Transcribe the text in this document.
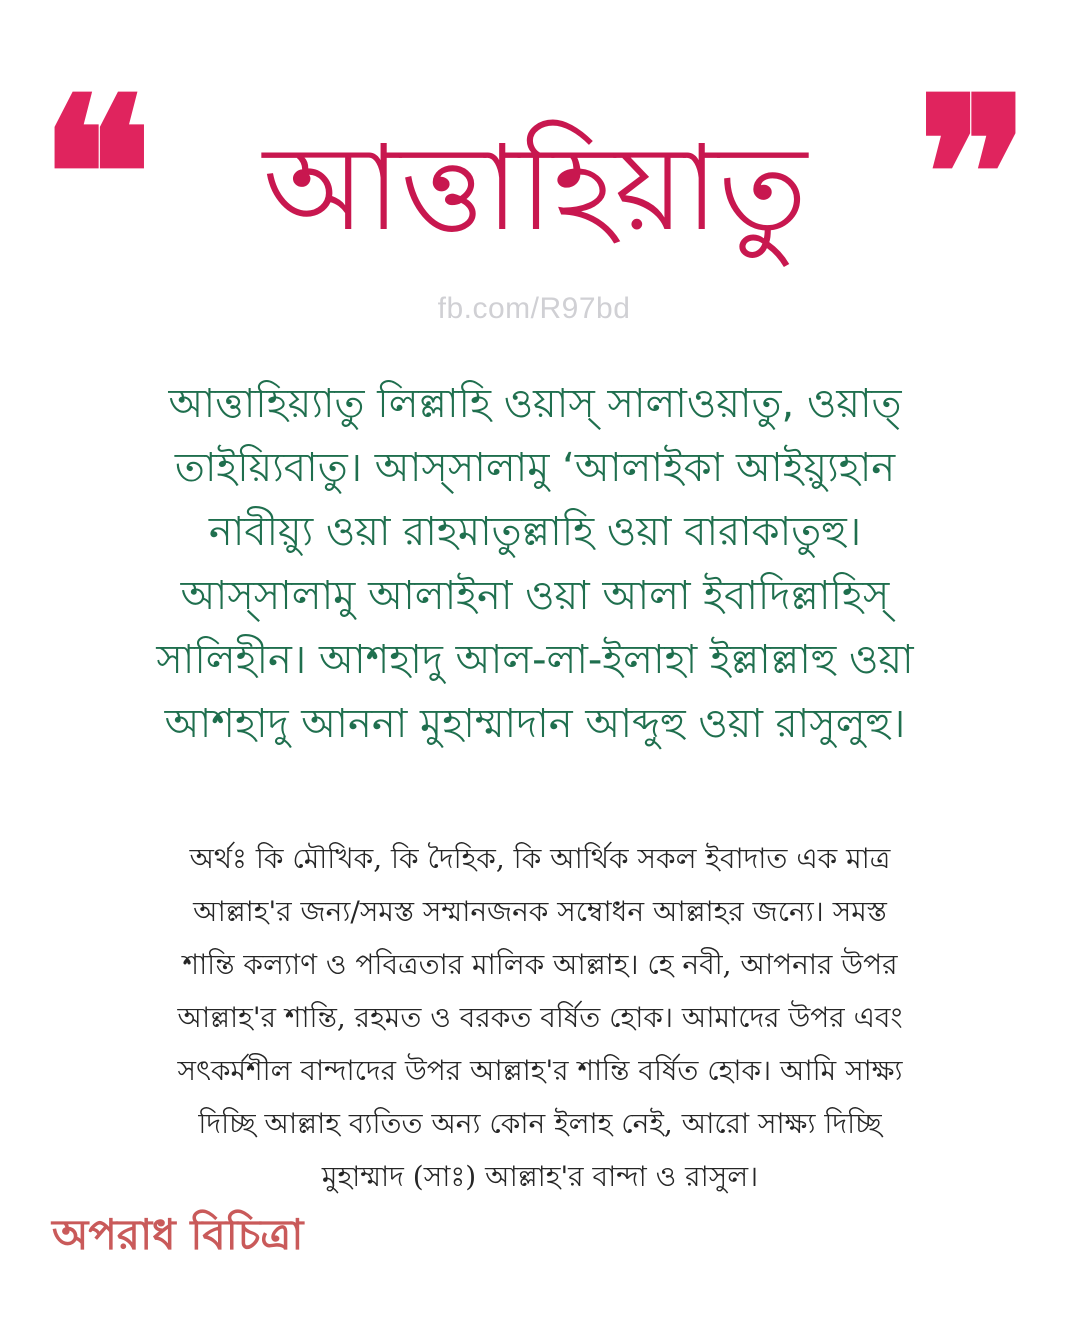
❝ আত্তাহিয়াতু ❞
fb.com/R97bd
আত্তাহিয়্যাতু লিল্লাহি ওয়াস্ সালাওয়াতু, ওয়াত্
তাইয়্যিবাতু। আস্সালামু ‘আলাইকা আইয়্যুহান
নাবীয়্যু ওয়া রাহমাতুল্লাহি ওয়া বারাকাতুহু।
আস্সালামু আলাইনা ওয়া আলা ইবাদিল্লাহিস্
সালিহীন। আশহাদু আল-লা-ইলাহা ইল্লাল্লাহু ওয়া
আশহাদু আননা মুহাম্মাদান আব্দুহু ওয়া রাসুলুহু।
অর্থঃ কি মৌখিক, কি দৈহিক, কি আর্থিক সকল ইবাদাত এক মাত্র
আল্লাহ'র জন্য/সমস্ত সম্মানজনক সম্বোধন আল্লাহর জন্যে। সমস্ত
শান্তি কল্যাণ ও পবিত্রতার মালিক আল্লাহ। হে নবী, আপনার উপর
আল্লাহ'র শান্তি, রহমত ও বরকত বর্ষিত হোক। আমাদের উপর এবং
সৎকর্মশীল বান্দাদের উপর আল্লাহ'র শান্তি বর্ষিত হোক। আমি সাক্ষ্য
দিচ্ছি আল্লাহ ব্যতিত অন্য কোন ইলাহ নেই, আরো সাক্ষ্য দিচ্ছি
মুহাম্মাদ (সাঃ) আল্লাহ'র বান্দা ও রাসুল।
অপরাধ বিচিত্রা
